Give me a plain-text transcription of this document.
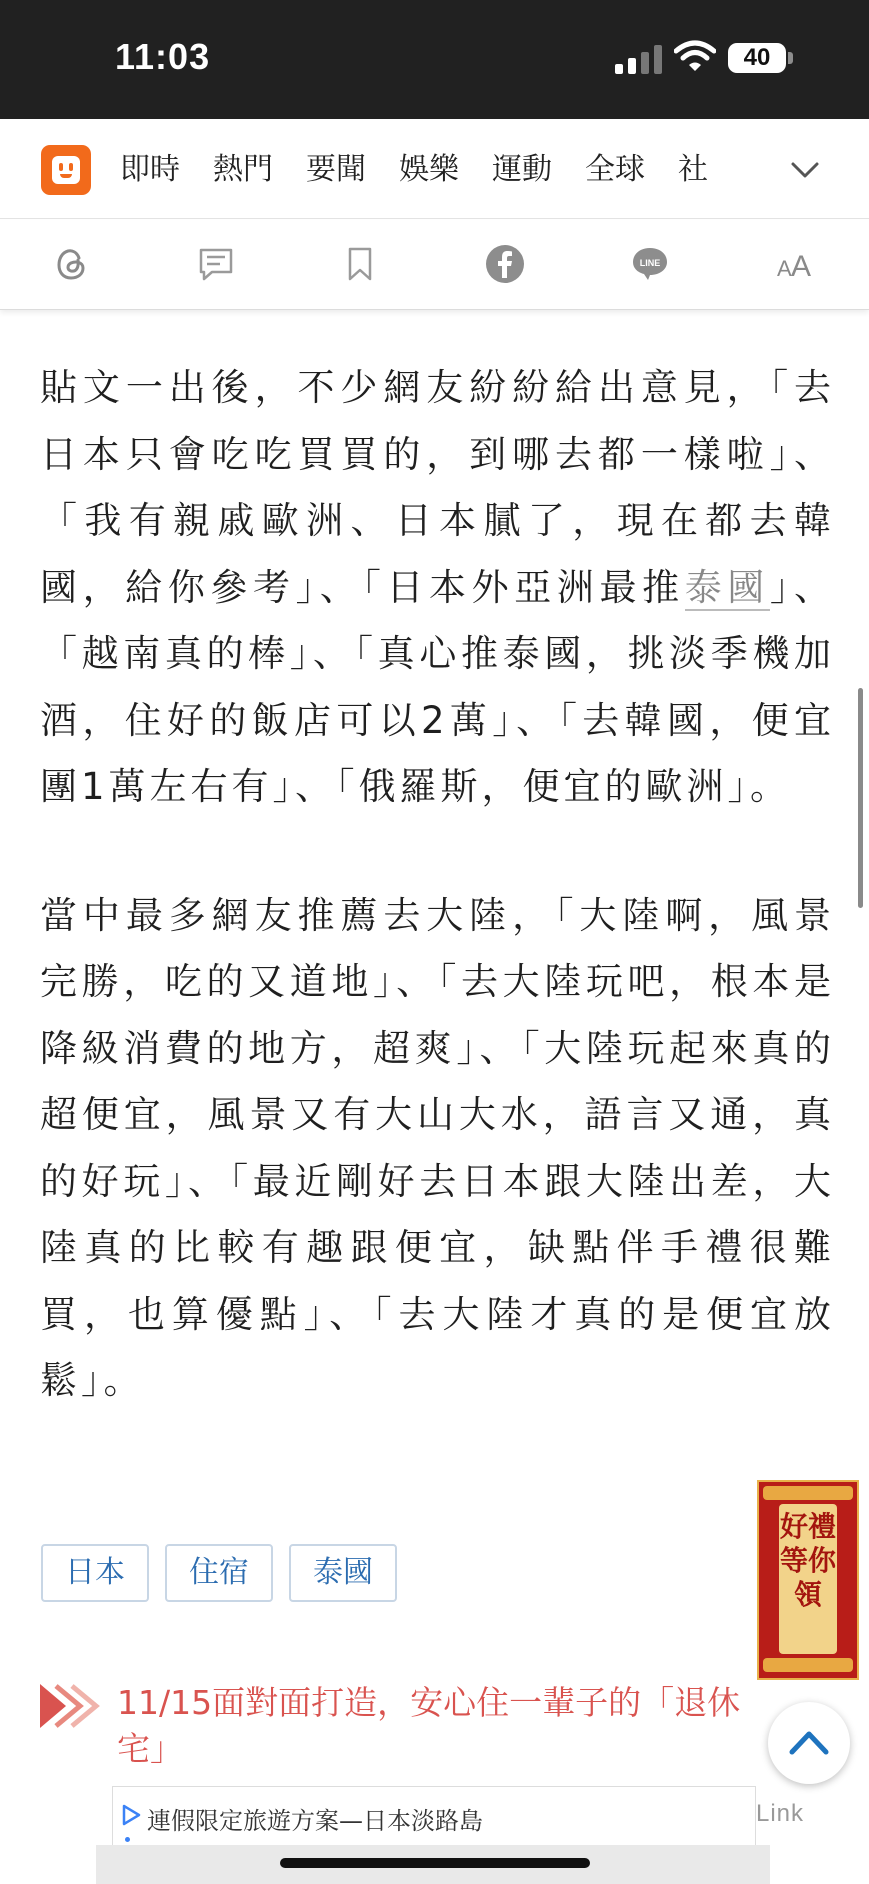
11:03	40
即時 熱門 要聞 娛樂 運動 全球 社
LINE	A A

貼文一出後，不少網友紛紛給出意見，「去日本只會吃吃買買的，到哪去都一樣啦」、「我有親戚歐洲、日本膩了，現在都去韓國，給你參考」、「日本外亞洲最推泰國」、「越南真的棒」、「真心推泰國，挑淡季機加酒，住好的飯店可以2萬」、「去韓國，便宜團1萬左右有」、「俄羅斯，便宜的歐洲」。

當中最多網友推薦去大陸，「大陸啊，風景完勝，吃的又道地」、「去大陸玩吧，根本是降級消費的地方，超爽」、「大陸玩起來真的超便宜，風景又有大山大水，語言又通，真的好玩」、「最近剛好去日本跟大陸出差，大陸真的比較有趣跟便宜，缺點伴手禮很難買，也算優點」、「去大陸才真的是便宜放鬆」。

日本	住宿	泰國
11/15面對面打造，安心住一輩子的「退休宅」
好禮等你領
連假限定旅遊方案—日本淡路島	Link
